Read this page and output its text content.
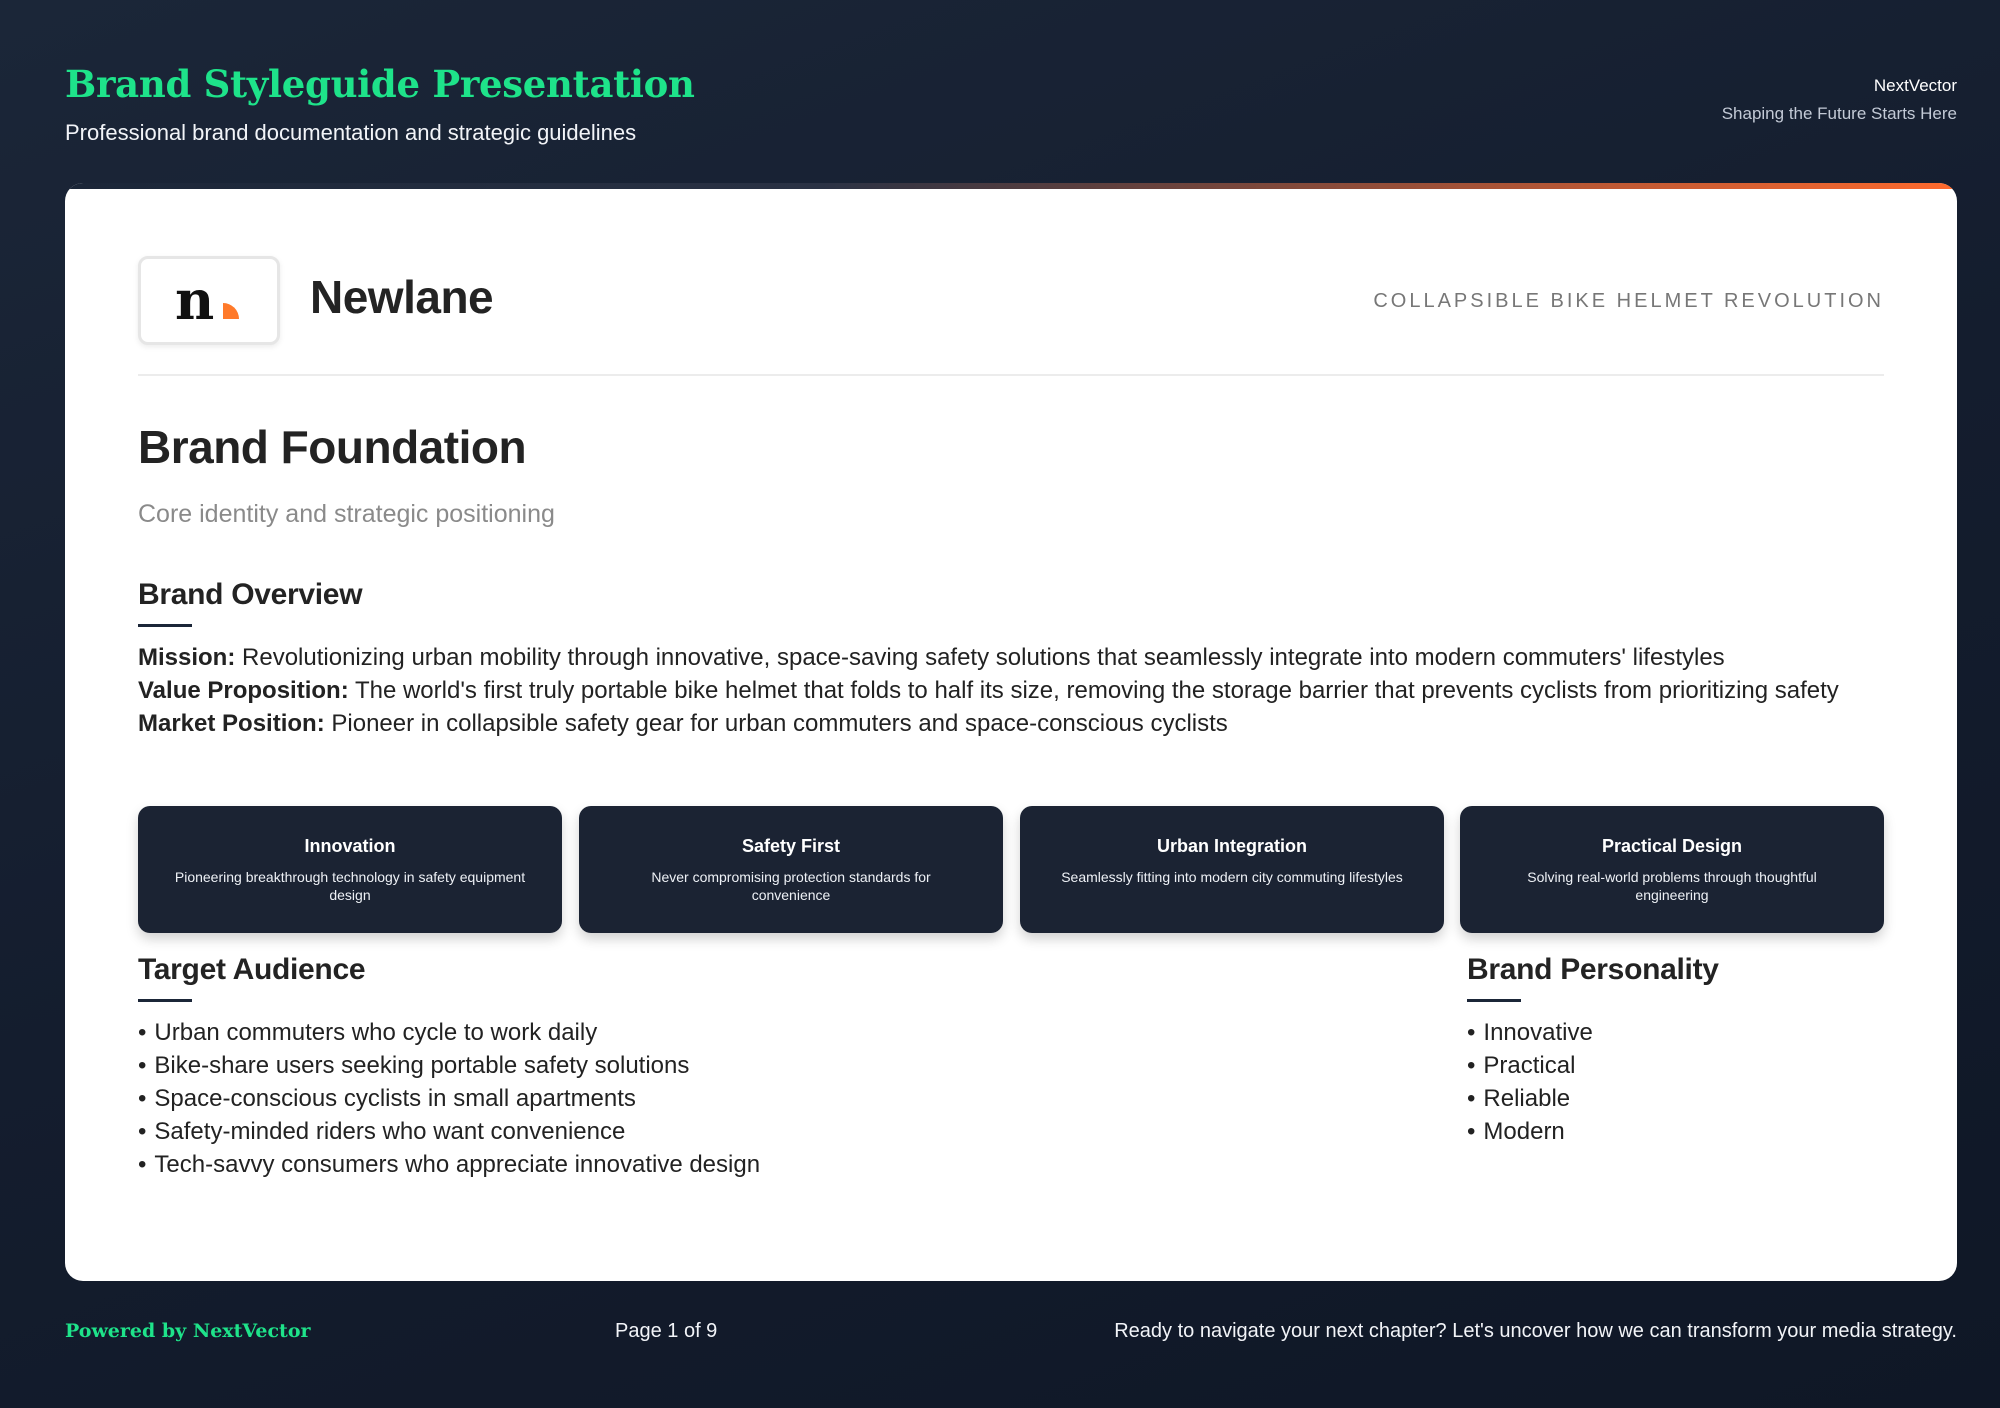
Brand Styleguide Presentation
Professional brand documentation and strategic guidelines
NextVector
Shaping the Future Starts Here
n Newlane	COLLAPSIBLE BIKE HELMET REVOLUTION
Brand Foundation
Core identity and strategic positioning
Brand Overview
Mission: Revolutionizing urban mobility through innovative, space-saving safety solutions that seamlessly integrate into modern commuters' lifestyles
Value Proposition: The world's first truly portable bike helmet that folds to half its size, removing the storage barrier that prevents cyclists from prioritizing safety
Market Position: Pioneer in collapsible safety gear for urban commuters and space-conscious cyclists
Innovation
Pioneering breakthrough technology in safety equipment design
Safety First
Never compromising protection standards for convenience
Urban Integration
Seamlessly fitting into modern city commuting lifestyles
Practical Design
Solving real-world problems through thoughtful engineering
Target Audience
• Urban commuters who cycle to work daily
• Bike-share users seeking portable safety solutions
• Space-conscious cyclists in small apartments
• Safety-minded riders who want convenience
• Tech-savvy consumers who appreciate innovative design
Brand Personality
• Innovative
• Practical
• Reliable
• Modern
Powered by NextVector	Page 1 of 9	Ready to navigate your next chapter? Let's uncover how we can transform your media strategy.
